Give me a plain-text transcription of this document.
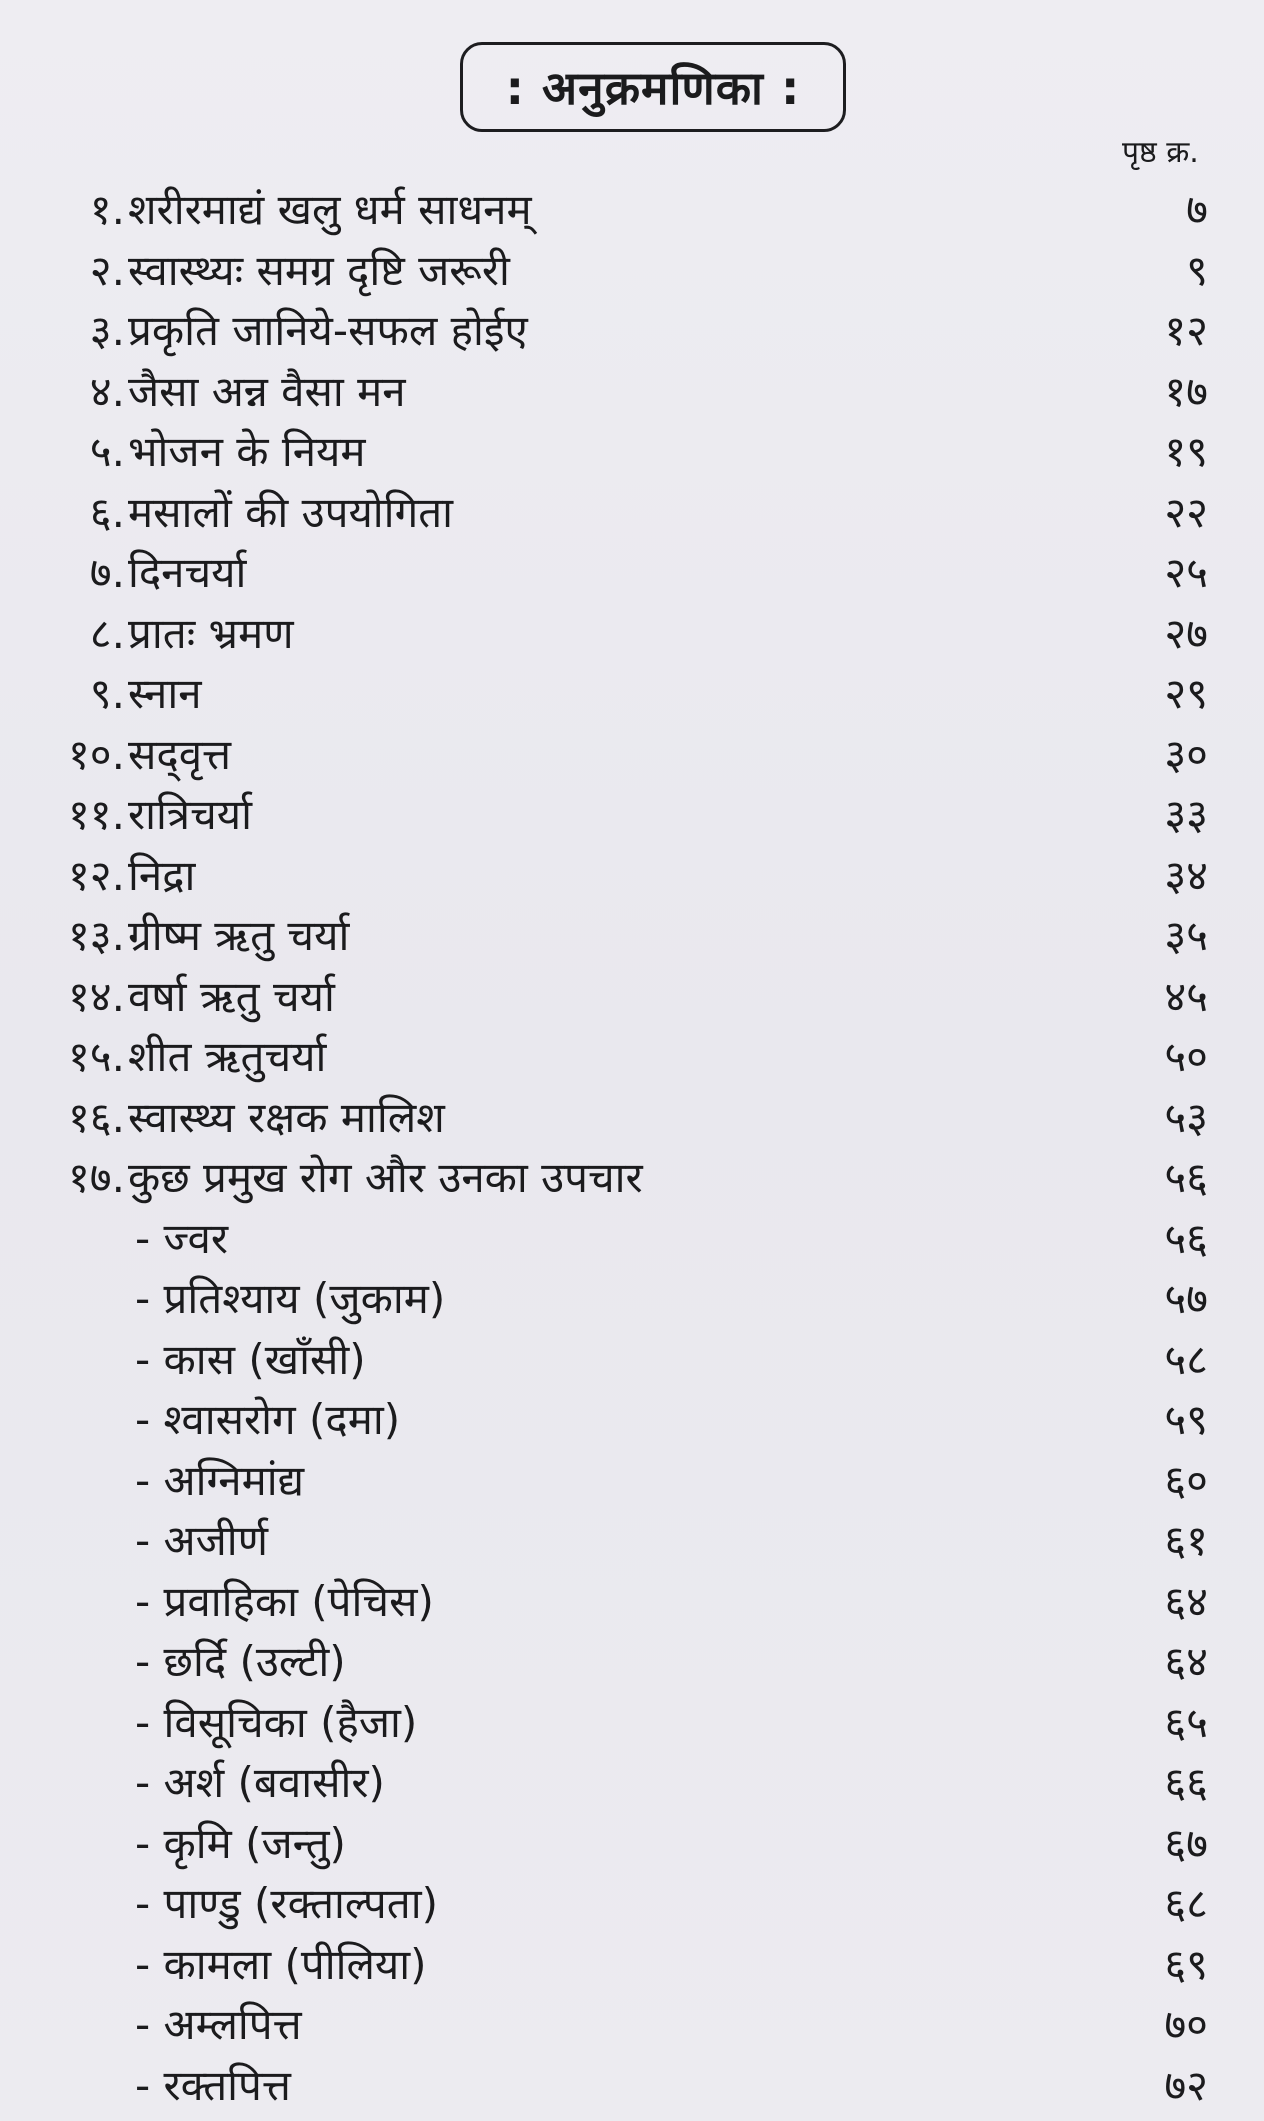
: अनुक्रमणिका :
पृष्ठ क्र.
१. शरीरमाद्यं खलु धर्म साधनम्	७
२. स्वास्थ्यः समग्र दृष्टि जरूरी	९
३. प्रकृति जानिये-सफल होईए	१२
४. जैसा अन्न वैसा मन	१७
५. भोजन के नियम	१९
६. मसालों की उपयोगिता	२२
७. दिनचर्या	२५
८. प्रातः भ्रमण	२७
९. स्नान	२९
१०. सद्‌वृत्त	३०
११. रात्रिचर्या	३३
१२. निद्रा	३४
१३. ग्रीष्म ऋतु चर्या	३५
१४. वर्षा ऋतु चर्या	४५
१५. शीत ऋतुचर्या	५०
१६. स्वास्थ्य रक्षक मालिश	५३
१७. कुछ प्रमुख रोग और उनका उपचार	५६
- ज्वर	५६
- प्रतिश्याय (जुकाम)	५७
- कास (खाँसी)	५८
- श्वासरोग (दमा)	५९
- अग्निमांद्य	६०
- अजीर्ण	६१
- प्रवाहिका (पेचिस)	६४
- छर्दि (उल्टी)	६४
- विसूचिका (हैजा)	६५
- अर्श (बवासीर)	६६
- कृमि (जन्तु)	६७
- पाण्डु (रक्ताल्पता)	६८
- कामला (पीलिया)	६९
- अम्लपित्त	७०
- रक्तपित्त	७२
